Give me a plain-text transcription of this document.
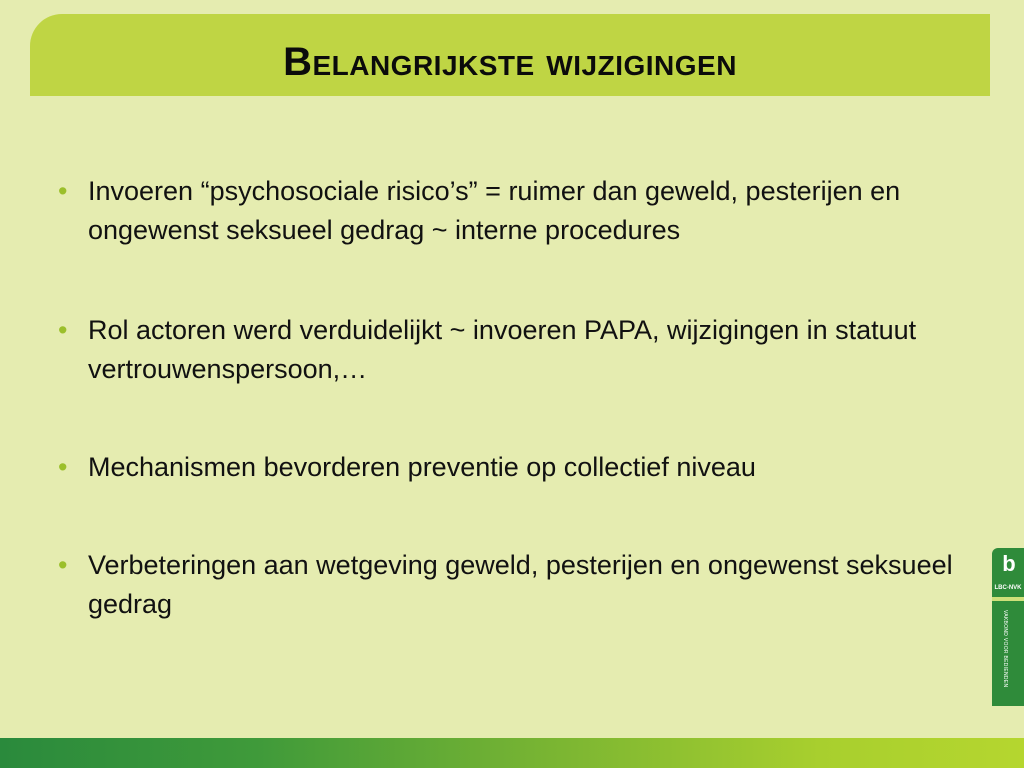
Belangrijkste wijzigingen
• Invoeren “psychosociale risico’s” = ruimer dan geweld, pesterijen en ongewenst seksueel gedrag ~ interne procedures
• Rol actoren werd verduidelijkt ~ invoeren PAPA, wijzigingen in statuut vertrouwenspersoon,…
• Mechanismen bevorderen preventie op collectief niveau
• Verbeteringen aan wetgeving geweld, pesterijen en ongewenst seksueel gedrag
b
LBC-NVK
VAKBOND VOOR BEDIENDEN
